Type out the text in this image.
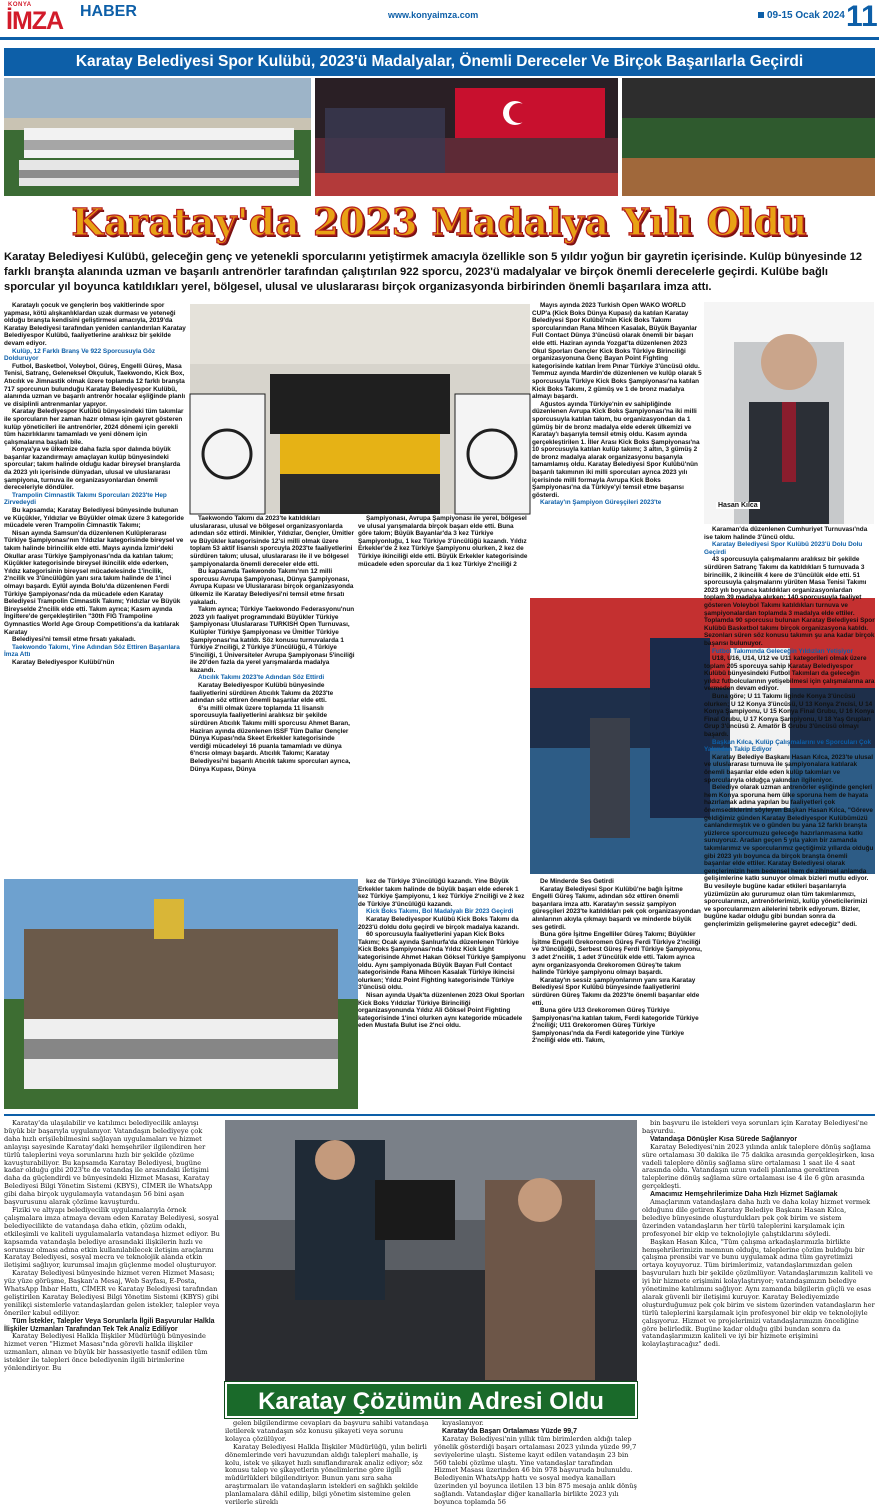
KONYA
İMZA HABER	www.konyaimza.com	09-15 Ocak 2024 11
Karatay Belediyesi Spor Kulübü, 2023'ü Madalyalar, Önemli Dereceler Ve Birçok Başarılarla Geçirdi
Karatay'da 2023 Madalya Yılı Oldu
Karatay Belediyesi Kulübü, geleceğin genç ve yetenekli sporcularını yetiştirmek amacıyla özellikle son 5 yıldır yoğun bir gayretin içerisinde. Kulüp bünyesinde 12 farklı branşta alanında uzman ve başarılı antrenörler tarafından çalıştırılan 922 sporcu, 2023'ü madalyalar ve birçok önemli derecelerle geçirdi. Kulübe bağlı sporcular yıl boyunca katıldıkları yerel, bölgesel, ulusal ve uluslararası birçok organizasyonda birbirinden önemli başarılara imza attı.
Hasan Kılca

Karataylı çocuk ve gençlerin boş vakitlerinde spor yapması, kötü alışkanlıklardan uzak durması ve yeteneği olduğu branşta kendisini geliştirmesi amacıyla, 2019'da Karatay Belediyesi tarafından yeniden canlandırılan Karatay Belediyespor Kulübü, faaliyetlerine aralıksız bir şekilde devam ediyor.

Kulüp, 12 Farklı Branş Ve 922 Sporcusuyla Göz Dolduruyor

Futbol, Basketbol, Voleybol, Güreş, Engelli Güreş, Masa Tenisi, Satranç, Geleneksel Okçuluk, Taekwondo, Kick Box, Atıcılık ve Jimnastik olmak üzere toplamda 12 farklı branşta 717 sporcunun bulunduğu Karatay Belediyespor Kulübü, alanında uzman ve başarılı antrenör hocalar eşliğinde planlı ve disiplinli antrenmanlar yapıyor.

Karatay Belediyespor Kulübü bünyesindeki tüm takımlar ile sporcuların her zaman hazır olması için gayret gösteren kulüp yöneticileri ile antrenörler, 2024 dönemi için gerekli tüm hazırlıklarını tamamladı ve yeni dönem için çalışmalarına başladı bile.

Konya'ya ve ülkemize daha fazla spor dalında büyük başarılar kazandırmayı amaçlayan kulüp bünyesindeki sporcular; takım halinde olduğu kadar bireysel branşlarda da 2023 yılı içerisinde dünyadan, ulusal ve uluslararası şampiyona, turnuva ile organizasyonlardan önemli dereceleriyle döndüler.

Trampolin Cimnastik Takımı Sporcuları 2023'te Hep Zirvedeydi

Bu kapsamda; Karatay Belediyesi bünyesinde bulunan ve Küçükler, Yıldızlar ve Büyükler olmak üzere 3 kategoride mücadele veren Trampolin Cimnastik Takımı;

Nisan ayında Samsun'da düzenlenen Kulüplerarası Türkiye Şampiyonası'nın Yıldızlar kategorisinde bireysel ve takım halinde birincilik elde etti. Mayıs ayında İzmir'deki Okullar arası Türkiye Şampiyonası'nda da katılan takım; Küçükler kategorisinde bireysel ikincilik elde ederken, Yıldız kategorisinin bireysel mücadelesinde 1'incilik, 2'ncilik ve 3'üncülüğün yanı sıra takım halinde de 1'inci olmayı başardı. Eylül ayında Bolu'da düzenlenen Ferdi Türkiye Şampiyonası'nda da mücadele eden Karatay Belediyesi Trampolin Cimnastik Takımı; Yıldızlar ve Büyük Bireyselde 2'ncilik elde etti. Takım ayrıca; Kasım ayında İngiltere'de gerçekleştirilen "30th FIG Trampoline Gymnastics World Age Group Competitions'a da katılarak Karatay

Belediyesi'ni temsil etme fırsatı yakaladı.

Taekwondo Takımı, Yine Adından Söz Ettiren Başarılara İmza Attı

Karatay Belediyespor Kulübü'nün

Taekwondo Takımı da 2023'te katıldıkları uluslararası, ulusal ve bölgesel organizasyonlarda adından söz ettirdi. Minikler, Yıldızlar, Gençler, Ümitler ve Büyükler kategorisinde 12'si milli olmak üzere toplam 53 aktif lisanslı sporcuyla 2023'te faaliyetlerini sürdüren takım; ulusal, uluslararası ile il ve bölgesel şampiyonalarda önemli dereceler elde etti.

Bu kapsamda Taekwondo Takımı'nın 12 milli sporcusu Avrupa Şampiyonası, Dünya Şampiyonası, Avrupa Kupası ve Uluslararası birçok organizasyonda ülkemiz ile Karatay Belediyesi'ni temsil etme fırsatı yakaladı.

Takım ayrıca; Türkiye Taekwondo Federasyonu'nun 2023 yılı faaliyet programındaki Büyükler Türkiye Şampiyonası Uluslararası TURKISH Open Turnuvası, Kulüpler Türkiye Şampiyonası ve Ümitler Türkiye Şampiyonası'na katıldı. Söz konusu turnuvalarda 1 Türkiye 2'nciliği, 2 Türkiye 3'üncülüğü, 4 Türkiye 5'inciliği, 1 Üniversiteler Avrupa Şampiyonası 5'inciliği ile 20'den fazla da yerel yarışmalarda madalya kazandı.

Atıcılık Takımı 2023'te Adından Söz Ettirdi

Karatay Belediyespor Kulübü bünyesinde faaliyetlerini sürdüren Atıcılık Takımı da 2023'te adından söz ettiren önemli başarılar elde etti.

6'sı milli olmak üzere toplamda 11 lisanslı sporcusuyla faaliyetlerini aralıksız bir şekilde sürdüren Atıcılık Takımı milli sporcusu Ahmet Baran, Haziran ayında düzenlenen ISSF Tüm Dallar Gençler Dünya Kupası'nda Skeet Erkekler kategorisinde verdiği mücadeleyi 16 puanla tamamladı ve dünya 6'ncısı olmayı başardı. Atıcılık Takımı; Karatay Belediyesi'ni başarılı Atıcılık takımı sporcuları ayrıca, Dünya Kupası, Dünya

Şampiyonası, Avrupa Şampiyonası ile yerel, bölgesel ve ulusal yarışmalarda birçok başarı elde etti. Buna göre takım; Büyük Bayanlar'da 3 kez Türkiye Şampiyonluğu, 1 kez Türkiye 3'üncülüğü kazandı. Yıldız Erkekler'de 2 kez Türkiye Şampiyonu olurken, 2 kez de Türkiye ikinciliği elde etti. Büyük Erkekler kategorisinde mücadele eden sporcular da 1 kez Türkiye 2'nciliği 2

kez de Türkiye 3'üncülüğü kazandı. Yine Büyük Erkekler takım halinde de büyük başarı elde ederek 1 kez Türkiye Şampiyonu, 1 kez Türkiye 2'nciliği ve 2 kez de Türkiye 3'üncülüğü kazandı.

Kick Boks Takımı, Bol Madalyalı Bir 2023 Geçirdi

Karatay Belediyespor Kulübü Kick Boks Takımı da 2023'ü doldu dolu geçirdi ve birçok madalya kazandı.

60 sporcusuyla faaliyetlerini yapan Kick Boks Takımı; Ocak ayında Şanlıurfa'da düzenlenen Türkiye Kick Boks Şampiyonası'nda Yıldız Kick Light kategorisinde Ahmet Hakan Göksel Türkiye Şampiyonu oldu. Aynı şampiyonada Büyük Bayan Full Contact kategorisinde Rana Mihcen Kasalak Türkiye ikincisi olurken; Yıldız Point Fighting kategorisinde Türkiye 3'üncüsü oldu.

Nisan ayında Uşak'ta düzenlenen 2023 Okul Sporları Kick Boks Yıldızlar Türkiye Birinciliği organizasyonunda Yıldız Ali Göksel Point Fighting kategorisinde 1'inci olurken aynı kategoride mücadele eden Mustafa Bulut ise 2'nci oldu.

Mayıs ayında 2023 Turkish Open WAKO WORLD CUP'a (Kick Boks Dünya Kupası) da katılan Karatay Belediyesi Spor Kulübü'nün Kick Boks Takımı sporcularından Rana Mihcen Kasalak, Büyük Bayanlar Full Contact Dünya 3'üncüsü olarak önemli bir başarı elde etti. Haziran ayında Yozgat'ta düzenlenen 2023 Okul Sporları Gençler Kick Boks Türkiye Birinciliği organizasyonuna Genç Bayan Point Fighting kategorisinde katılan İrem Pınar Türkiye 3'üncüsü oldu. Temmuz ayında Mardin'de düzenlenen ve kulüp olarak 5 sporcusuyla Türkiye Kick Boks Şampiyonası'na katılan Kick Boks Takımı, 2 gümüş ve 1 de bronz madalya almayı başardı.

Ağustos ayında Türkiye'nin ev sahipliğinde düzenlenen Avrupa Kick Boks Şampiyonası'na iki milli sporcusuyla katılan takım, bu organizasyondan da 1 gümüş bir de bronz madalya elde ederek ülkemizi ve Karatay'ı başarıyla temsil etmiş oldu. Kasım ayında gerçekleştirilen 1. İller Arası Kick Boks Şampiyonası'na 10 sporcusuyla katılan kulüp takımı; 3 altın, 3 gümüş 2 de bronz madalya alarak organizasyonu başarıyla tamamlamış oldu. Karatay Belediyesi Spor Kulübü'nün başarılı takımının iki milli sporcuları ayrıca 2023 yılı içerisinde milli formayla Avrupa Kick Boks Şampiyonası'na da Türkiye'yi temsil etme başarısı gösterdi.

Karatay'ın Şampiyon Güreşçileri 2023'te

De Minderde Ses Getirdi

Karatay Belediyesi Spor Kulübü'ne bağlı İşitme Engelli Güreş Takımı, adından söz ettiren önemli başarılara imza attı. Karatay'ın sessiz şampiyon güreşçileri 2023'te katıldıkları pek çok organizasyondan alınlarının akıyla çıkmayı başardı ve minderde büyük ses getirdi.

Buna göre İşitme Engelliler Güreş Takımı; Büyükler İşitme Engelli Grekoromen Güreş Ferdi Türkiye 2'nciliği ve 3'üncülüğü, Serbest Güreş Ferdi Türkiye Şampiyonu, 3 adet 2'ncilik, 1 adet 3'üncülük elde etti. Takım ayrıca aynı organizasyonda Grekoromen Güreş'te takım halinde Türkiye şampiyonu olmayı başardı.

Karatay'ın sessiz şampiyonlarının yanı sıra Karatay Belediyesi Spor Kulübü bünyesinde faaliyetlerini sürdüren Güreş Takımı da 2023'te önemli başarılar elde etti.

Buna göre U13 Grekoromen Güreş Türkiye Şampiyonası'na katılan takım, Ferdi kategoride Türkiye 2'nciliği; U11 Grekoromen Güreş Türkiye Şampiyonası'nda da Ferdi kategoride yine Türkiye 2'nciliği elde etti. Takım,

Karaman'da düzenlenen Cumhuriyet Turnuvası'nda ise takım halinde 3'üncü oldu.

Karatay Belediyesi Spor Kulübü 2023'ü Dolu Dolu Geçirdi

43 sporcusuyla çalışmalarını aralıksız bir şekilde sürdüren Satranç Takımı da katıldıkları 5 turnuvada 3 birincilik, 2 ikincilik 4 kere de 3'üncülük elde etti. 51 sporcusuyla çalışmalarını yürüten Masa Tenisi Takımı 2023 yılı boyunca katıldıkları organizasyonlardan toplam 39 madalya alırken; 140 sporcusuyla faaliyet gösteren Voleybol Takımı katıldıkları turnuva ve şampiyonalardan toplamda 3 madalya elde ettiler. Toplamda 90 sporcusu bulunan Karatay Belediyesi Spor Kulübü Basketbol takımı birçok organizasyona katıldı. Sezonları süren söz konusu takımın şu ana kadar birçok başarısı bulunuyor.

Futbol Takımında Geleceğin Yıldızları Yetişiyor

U18, U16, U14, U12 ve U11 kategorileri olmak üzere toplam 205 sporcuya sahip Karatay Belediyespor Kulübü bünyesindeki Futbol Takımları da geleceğin yıldız futbolcularının yetişebilmesi için çalışmalarına ara vermeden devam ediyor.

Buna göre; U 11 Takımı liginde Konya 3'üncüsü olurken; U 12 Konya 3'üncüsü, U 13 Konya 2'ncisi, U 14 Konya Şampiyonu, U 15 Konya Final Grubu, U 16 Konya Final Grubu, U 17 Konya Şampiyonu, U 18 Yaş Grupları Grup 3'üncüsü 2. Amatör B Grubu 3'üncüsü olmayı başardı.

Başkan Kılca, Kulüp Çalışmalarını ve Sporcuları Çok Yakından Takip Ediyor

Karatay Belediye Başkanı Hasan Kılca, 2023'te ulusal ve uluslararası turnuva ile şampiyonalara katılarak önemli başarılar elde eden kulüp takımları ve sporcularıyla olduğça yakından ilgileniyor.

Belediye olarak uzman antrenörler eşliğinde gençleri hem Konya sporuna hem ülke sporuna hem de hayata hazırlamak adına yapılan bu faaliyetleri çok önemsediklerini söyleyen Başkan Hasan Kılca, "Göreve geldiğimiz günden Karatay Belediyespor Kulübümüzü canlandırmıştık ve o günden bu yana 12 farklı branşta yüzlerce sporcumuzu geleceğe hazırlanmasına katkı sunuyoruz. Aradan geçen 5 yıla yakın bir zamanda takımlarımız ve sporcularımız geçtiğimiz yıllarda olduğu gibi 2023 yılı boyunca da birçok branşta önemli başarılar elde ettiler. Karatay Belediyesi olarak gençlerimizin hem bedensel hem de zihinsel anlamda gelişimlerine katkı sunuyor olmak bizleri mutlu ediyor. Bu vesileyle bugüne kadar etkileri başarılarıyla yüzümüzün akı gururumuz olan tüm takımlarımızı, sporcularımızı, antrenörlerimizi, kulüp yöneticilerimizi ve sporcularımızın ailelerini tebrik ediyorum. Bizler, bugüne kadar olduğu gibi bundan sonra da gençlerimizin gelişmelerine gayret edeceğiz" dedi.

Karatay'da ulaşılabilir ve katılımcı belediyecilik anlayışı büyük bir başarıyla uygulanıyor. Vatandaşın belediyeye çok daha hızlı erişilebilmesini sağlayan uygulamaları ve hizmet anlayışı sayesinde Karatay'daki hemşehriler ilgilendiren her türlü taleplerini veya sorunlarını hızlı bir şekilde çözüme kavuşturabiliyor. Bu kapsamda Karatay Belediyesi, bugüne kadar olduğu gibi 2023'te de vatandaş ile arasındaki iletişimi daha da güçlendirdi ve bünyesindeki Hizmet Masası, Karatay Belediyesi Bilgi Yönetim Sistemi (KBYS), CİMER ile WhatsApp gibi daha birçok uygulamayla vatandaşın 56 bini aşan başvurusunu alarak çözüme kavuşturdu.

Fiziki ve altyapı belediyecilik uygulamalarıyla örnek çalışmalara imza atmaya devam eden Karatay Belediyesi, sosyal belediyecilikte de vatandaşa daha etkin, çözüm odaklı, etkileşimli ve kaliteli uygulamalarla vatandaşa hizmet ediyor. Bu kapsamda vatandaşla belediye arasındaki ilişkilerin hızlı ve sorunsuz olması adına etkin kullanılabilecek iletişim araçlarını Karatay Belediyesi, sosyal mecra ve teknolojik alanda etkin iletişimi sağlıyor, kurumsal imajın güçlenme model oluşturuyor.

Karatay Belediyesi bünyesinde hizmet veren Hizmet Masası; yüz yüze görüşme, Başkan'a Mesaj, Web Sayfası, E-Posta, WhatsApp İhbar Hattı, CİMER ve Karatay Belediyesi tarafından geliştirilen Karatay Belediyesi Bilgi Yönetim Sistemi (KBYS) gibi yenilikçi sistemlerle vatandaşlardan gelen istekler, talepler veya öneriler kabul ediliyor.

Tüm İstekler, Talepler Veya Sorunlarla İlgili Başvurular Halkla İlişkiler Uzmanları Tarafından Tek Tek Analiz Ediliyor

Karatay Belediyesi Halkla İlişkiler Müdürlüğü bünyesinde hizmet veren "Hizmet Masası"nda görevli halkla ilişkiler uzmanları, alınan ve büyük bir hassasiyetle tasnif edilen tüm istekler ile talepleri önce belediyenin ilgili birimlerine yönlendiriyor. Bu

Karatay Çözümün Adresi Oldu

gelen bilgilendirme cevapları da başvuru sahibi vatandaşa iletilerek vatandaşın söz konusu şikayeti veya sorunu kolayca çözülüyor.

Karatay Belediyesi Halkla İlişkiler Müdürlüğü, yılın belirli dönemlerinde veri havuzundan aldığı talepleri mahalle, iş kolu, istek ve şikayet hızlı sınıflandırarak analiz ediyor; söz konusu talep ve şikayetlerin yönelimlerine göre ilgili müdürlükleri bilgilendiriyor. Bunun yanı sıra saha araştırmaları ile vatandaşların istekleri en sağlıklı şekilde planlamalara dâhil edilip, bilgi yönetim sistemine gelen verilerle süreklı

kıyaslanıyor.

Karatay'da Başarı Ortalaması Yüzde 99,7

Karatay Belediyesi'nin yıllık tüm birimlerden aldığı talep yönelik gösterdiği başarı ortalaması 2023 yılında yüzde 99,7 seviyelerine ulaştı. Sisteme kayıt edilen vatandaşın 23 bin 560 talebi çözüme ulaştı. Yine vatandaşlar tarafından Hizmet Masası üzerinden 46 bin 978 başvuruda bulunuldu. Belediyenin WhatsApp hattı ve sosyal medya kanalları üzerinden yıl boyunca iletilen 13 bin 875 mesaja anlık dönüş sağlandı. Vatandaşlar diğer kanallarla birlikte 2023 yılı boyunca toplamda 56

bin başvuru ile istekleri veya sorunları için Karatay Belediyesi'ne başvurdu.

Vatandaşa Dönüşler Kısa Sürede Sağlanıyor

Karatay Belediyesi'nin 2023 yılında anlık taleplere dönüş sağlama süre ortalaması 30 dakika ile 75 dakika arasında gerçekleşirken, kısa vadeli taleplere dönüş sağlama süre ortalaması 1 saat ile 4 saat arasında oldu. Vatandaşın uzun vadeli planlama gerektiren taleplerine dönüş sağlama süre ortalaması ise 4 ile 6 gün arasında gerçekleşti.

Amacımız Hemşehrilerimize Daha Hızlı Hizmet Sağlamak

Amaçlarının vatandaşlara daha hızlı ve daha kolay hizmet vermek olduğunu dile getiren Karatay Belediye Başkanı Hasan Kılca, belediye bünyesinde oluşturdukları pek çok birim ve sistem üzerinden vatandaşların her türlü taleplerini karşılamak için profesyonel bir ekip ve teknolojiyle çalıştıklarını söyledi.

Başkan Hasan Kılca, "Tüm çalışma arkadaşlarımızla birlikte hemşehrilerimizin memnun olduğu, taleplerine çözüm bulduğu bir çalışma prensibi var ve bunu uygulamak adına tüm gayretimizi ortaya koyuyoruz. Tüm birimlerimiz, vatandaşlarımızdan gelen başvuruları hızlı bir şekilde çözümlüyor. Vatandaşlarımızın kaliteli ve iyi bir hizmete erişimini kolaylaştırıyor; vatandaşımızın belediye yönetimine katılımını sağlıyor. Aynı zamanda bilgilerin güçlü ve esas alarak güvenli bir iletişimi kuruyor. Karatay Belediyemizde oluşturduğumuz pek çok birim ve sistem üzerinden vatandaşların her türlü taleplerini karşılamak için profesyonel bir ekip ve teknolojiyle çalışıyoruz. Hizmet ve projelerimizi vatandaşlarımızın önceliğine göre belirledik. Bugüne kadar olduğu gibi bundan sonra da vatandaşlarımızın kaliteli ve iyi bir hizmete erişimini kolaylaştıracağız" dedi.
